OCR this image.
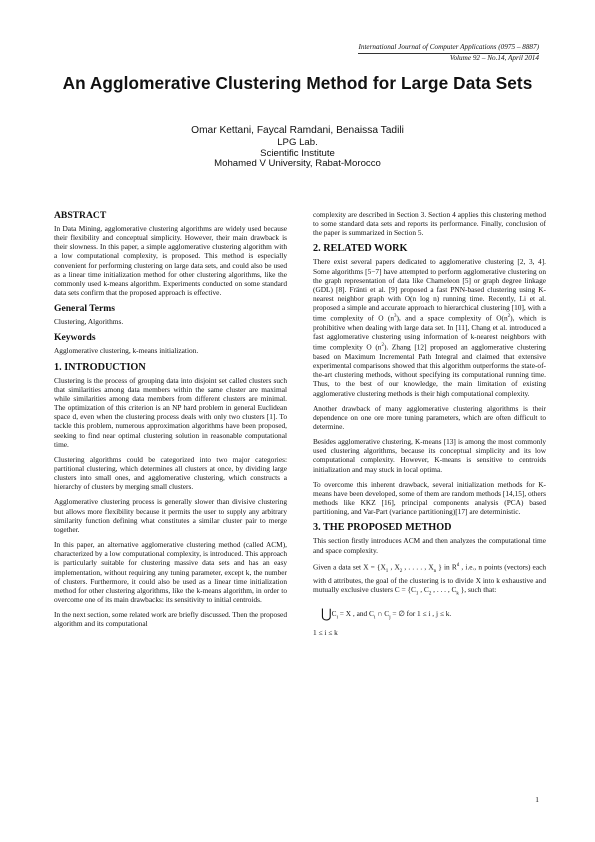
International Journal of Computer Applications (0975 – 8887)
Volume 92 – No.14, April 2014
An Agglomerative Clustering Method for Large Data Sets
Omar Kettani, Faycal Ramdani, Benaissa Tadili
LPG Lab.
Scientific Institute
Mohamed V University, Rabat-Morocco
ABSTRACT

In Data Mining, agglomerative clustering algorithms are widely used because their flexibility and conceptual simplicity. However, their main drawback is their slowness. In this paper, a simple agglomerative clustering algorithm with a low computational complexity, is proposed. This method is especially convenient for performing clustering on large data sets, and could also be used as a linear time initialization method for other clustering algorithms, like the commonly used k-means algorithm. Experiments conducted on some standard data sets confirm that the proposed approach is effective.

General Terms

Clustering, Algorithms.

Keywords

Agglomerative clustering, k-means initialization.

1. INTRODUCTION

Clustering is the process of grouping data into disjoint set called clusters such that similarities among data members within the same cluster are maximal while similarities among data members from different clusters are minimal. The optimization of this criterion is an NP hard problem in general Euclidean space d, even when the clustering process deals with only two clusters [1]. To tackle this problem, numerous approximation algorithms have been proposed, seeking to find near optimal clustering solution in reasonable computational time.

Clustering algorithms could be categorized into two major categories: partitional clustering, which determines all clusters at once, by dividing large clusters into small ones, and agglomerative clustering, which constructs a hierarchy of clusters by merging small clusters.

Agglomerative clustering process is generally slower than divisive clustering but allows more flexibility because it permits the user to supply any arbitrary similarity function defining what constitutes a similar cluster pair to merge together.

In this paper, an alternative agglomerative clustering method (called ACM), characterized by a low computational complexity, is introduced. This approach is particularly suitable for clustering massive data sets and has an easy implementation, without requiring any tuning parameter, except k, the number of clusters. Furthermore, it could also be used as a linear time initialization method for other clustering algorithms, like the k-means algorithm, in order to overcome one of its main drawbacks: its sensitivity to initial centroids.

In the next section, some related work are briefly discussed. Then the proposed algorithm and its computational

complexity are described in Section 3. Section 4 applies this clustering method to some standard data sets and reports its performance. Finally, conclusion of the paper is summarized in Section 5.

2. RELATED WORK

There exist several papers dedicated to agglomerative clustering [2, 3, 4]. Some algorithms [5−7] have attempted to perform agglomerative clustering on the graph representation of data like Chameleon [5] or graph degree linkage (GDL) [8]. Fränti et al. [9] proposed a fast PNN-based clustering using K-nearest neighbor graph with O(n log n) running time. Recently, Li et al. proposed a simple and accurate approach to hierarchical clustering [10], with a time complexity of O $(n^3)$, and a space complexity of $O(n^2)$, which is prohibitive when dealing with large data set. In [11], Chang et al. introduced a fast agglomerative clustering using information of k-nearest neighbors with time complexity O $(n^2)$. Zhang [12] proposed an agglomerative clustering based on Maximum Incremental Path Integral and claimed that extensive experimental comparisons showed that this algorithm outperforms the state-of-the-art clustering methods, without specifying its computational running time. Thus, to the best of our knowledge, the main limitation of existing agglomerative clustering methods is their high computational complexity.

Another drawback of many agglomerative clustering algorithms is their dependence on one ore more tuning parameters, which are often difficult to determine.

Besides agglomerative clustering, K-means [13] is among the most commonly used clustering algorithms, because its conceptual simplicity and its low computational complexity. However, K-means is sensitive to centroids initialization and may stuck in local optima.

To overcome this inherent drawback, several initialization methods for K-means have been developed, some of them are random methods [14,15], others methods like KKZ [16], principal components analysis (PCA) based partitioning, and Var-Part (variance partitioning)[17] are deterministic.

3. THE PROPOSED METHOD

This section firstly introduces ACM and then analyzes the computational time and space complexity.

Given a data set $X = \{X_1$ , $X_2$ , . . . . , $X_n$ } in $R^d$ , i.e., n points (vectors) each with d attributes, the goal of the clustering is to divide X into k exhaustive and mutually exclusive clusters $C = \{C_1$ , $C_2$ , . . . , $C_k$ }, such that:

$⋃C_i = X$ , and $C_i$ ∩ $C_j$ = ∅ for 1 ≤ i , j ≤ k.
1 ≤ i ≤ k
1
